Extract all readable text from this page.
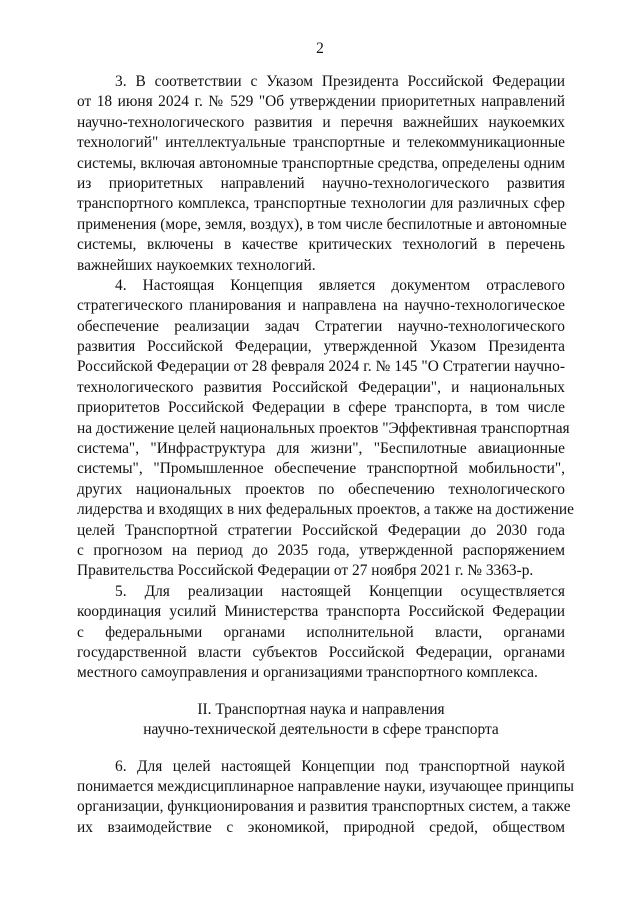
2
3. В соответствии с Указом Президента Российской Федерации
от 18 июня 2024 г. № 529 "Об утверждении приоритетных направлений
научно-технологического развития и перечня важнейших наукоемких
технологий" интеллектуальные транспортные и телекоммуникационные
системы, включая автономные транспортные средства, определены одним
из приоритетных направлений научно-технологического развития
транспортного комплекса, транспортные технологии для различных сфер
применения (море, земля, воздух), в том числе беспилотные и автономные
системы, включены в качестве критических технологий в перечень
важнейших наукоемких технологий.
4. Настоящая Концепция является документом отраслевого
стратегического планирования и направлена на научно-технологическое
обеспечение реализации задач Стратегии научно-технологического
развития Российской Федерации, утвержденной Указом Президента
Российской Федерации от 28 февраля 2024 г. № 145 "О Стратегии научно-
технологического развития Российской Федерации", и национальных
приоритетов Российской Федерации в сфере транспорта, в том числе
на достижение целей национальных проектов "Эффективная транспортная
система", "Инфраструктура для жизни", "Беспилотные авиационные
системы", "Промышленное обеспечение транспортной мобильности",
других национальных проектов по обеспечению технологического
лидерства и входящих в них федеральных проектов, а также на достижение
целей Транспортной стратегии Российской Федерации до 2030 года
с прогнозом на период до 2035 года, утвержденной распоряжением
Правительства Российской Федерации от 27 ноября 2021 г. № 3363-р.
5. Для реализации настоящей Концепции осуществляется
координация усилий Министерства транспорта Российской Федерации
с федеральными органами исполнительной власти, органами
государственной власти субъектов Российской Федерации, органами
местного самоуправления и организациями транспортного комплекса.
II. Транспортная наука и направления
научно-технической деятельности в сфере транспорта
6. Для целей настоящей Концепции под транспортной наукой
понимается междисциплинарное направление науки, изучающее принципы
организации, функционирования и развития транспортных систем, а также
их взаимодействие с экономикой, природной средой, обществом
